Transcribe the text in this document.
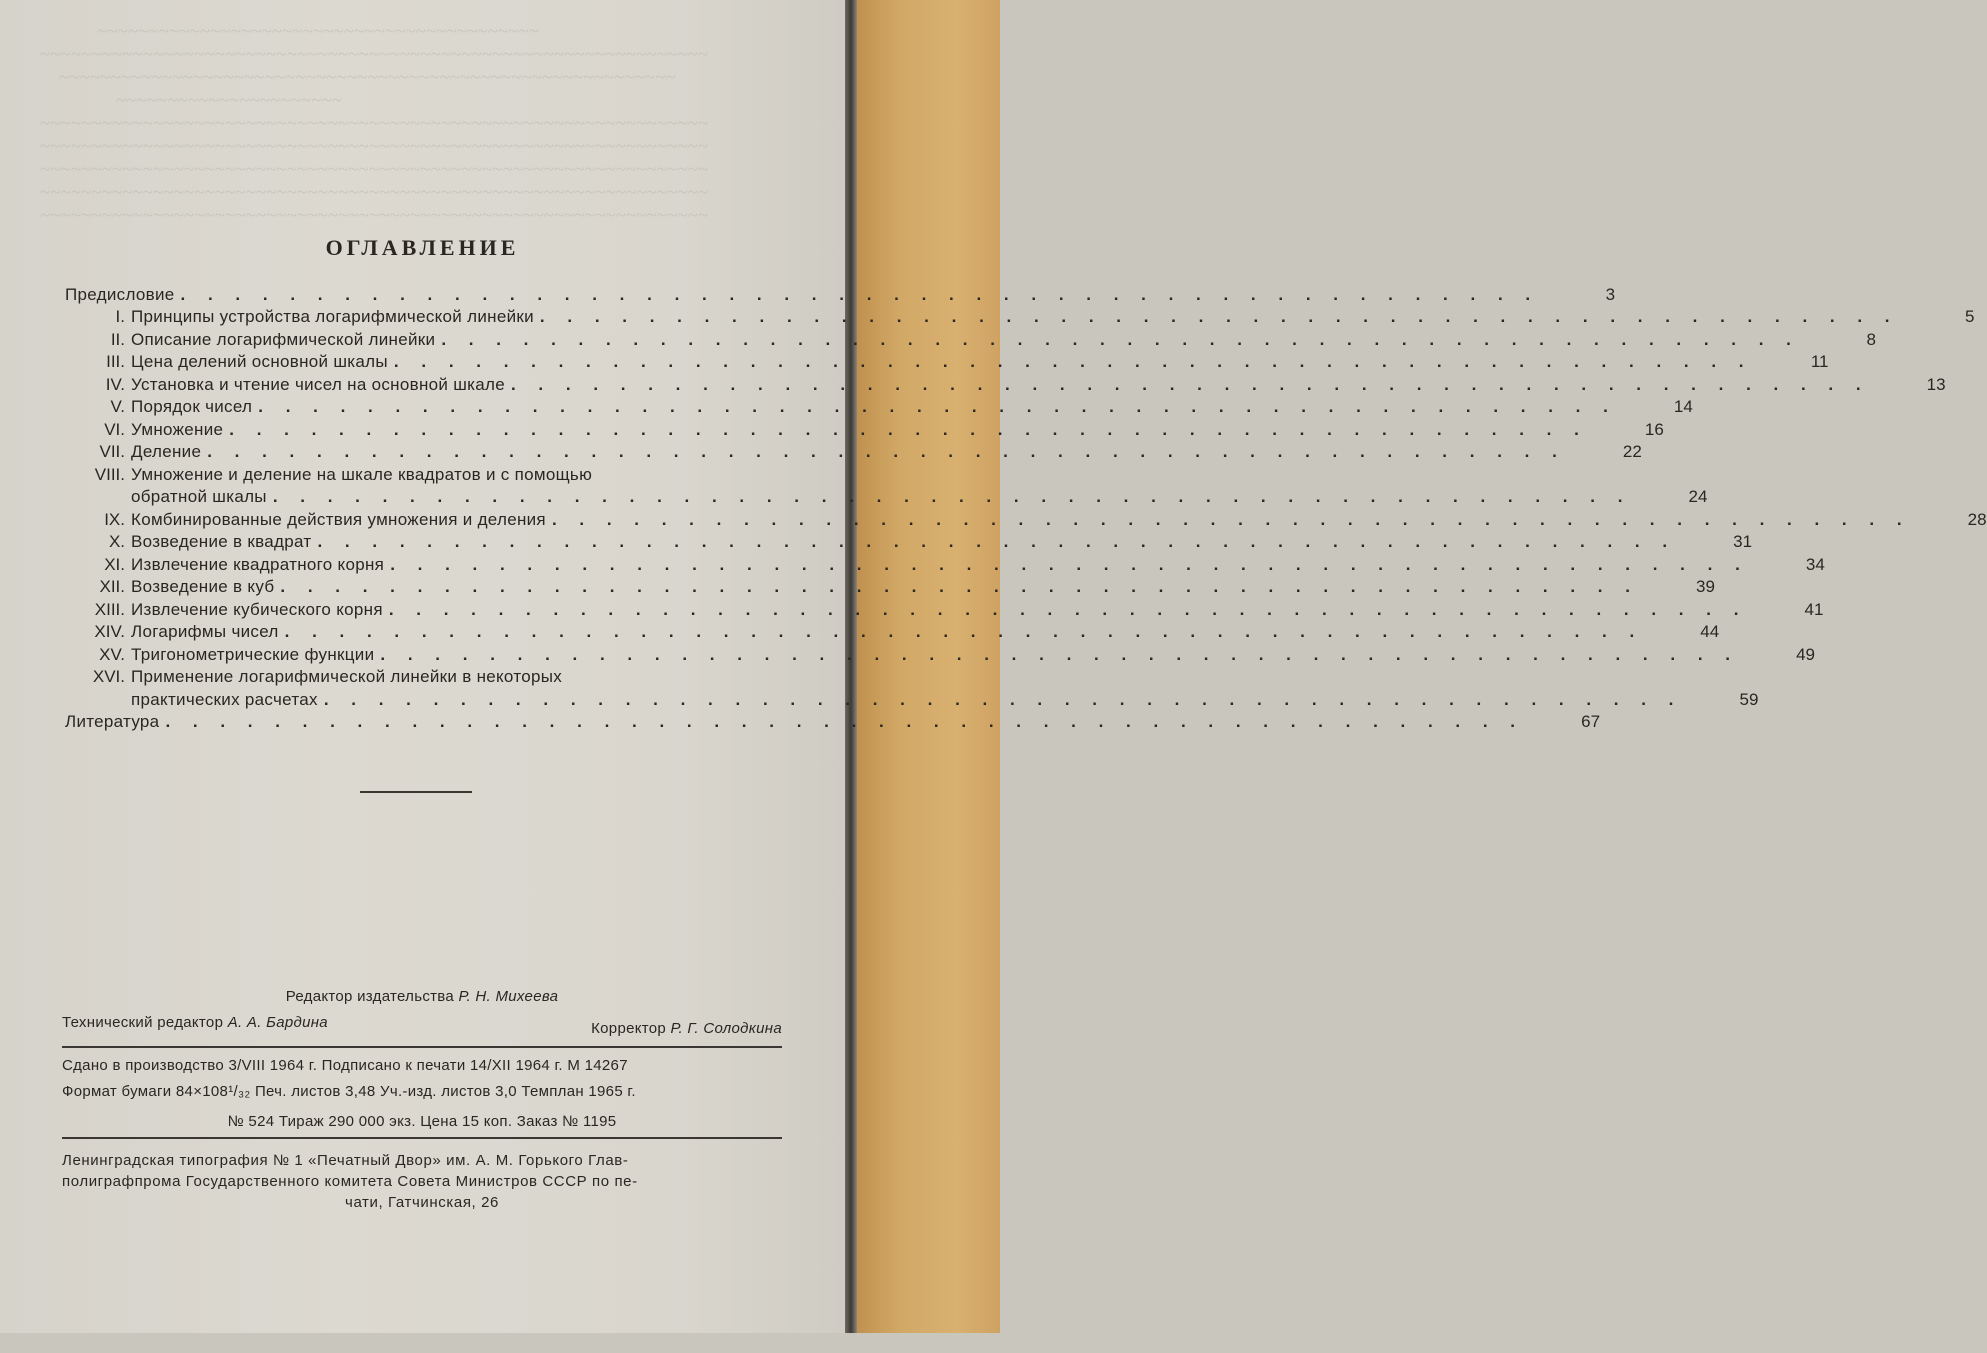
~~~~~~~~~~~~~~~~~~~~~~~~~~~~~~~~~~~~~~~~~~~
~~~~~~~~~~~~~~~~~~~~~~~~~~~~~~~~~~~~~~~~~~~~~~~~~~~~~~~~~~~~~~~~~
~~~~~~~~~~~~~~~~~~~~~~~~~~~~~~~~~~~~~~~~~~~~~~~~~~~~~~~~~~~~
~~~~~~~~~~~~~~~~~~~~~~
~~~~~~~~~~~~~~~~~~~~~~~~~~~~~~~~~~~~~~~~~~~~~~~~~~~~~~~~~~~~~~~~~
~~~~~~~~~~~~~~~~~~~~~~~~~~~~~~~~~~~~~~~~~~~~~~~~~~~~~~~~~~~~~~~~~
~~~~~~~~~~~~~~~~~~~~~~~~~~~~~~~~~~~~~~~~~~~~~~~~~~~~~~~~~~~~~~~~~
~~~~~~~~~~~~~~~~~~~~~~~~~~~~~~~~~~~~~~~~~~~~~~~~~~~~~~~~~~~~~~~~~
~~~~~~~~~~~~~~~~~~~~~~~~~~~~~~~~~~~~~~~~~~~~~~~~~~~~~~~~~~~~~~~~~
ОГЛАВЛЕНИЕ
Предисловие . . . . . . . . . . . . . . . . . . . . . . . . . . . . . . . . . . . . . . . . . . . . . . . . . .	3
I. Принципы устройства логарифмической линейки . . . . . . . . . . . . . . . . . . . . . . . . . . . . . . . . . . . . . . . . . . . . . . . . . .	5
II. Описание логарифмической линейки . . . . . . . . . . . . . . . . . . . . . . . . . . . . . . . . . . . . . . . . . . . . . . . . . .	8
III. Цена делений основной шкалы . . . . . . . . . . . . . . . . . . . . . . . . . . . . . . . . . . . . . . . . . . . . . . . . . .	11
IV. Установка и чтение чисел на основной шкале . . . . . . . . . . . . . . . . . . . . . . . . . . . . . . . . . . . . . . . . . . . . . . . . . .	13
V. Порядок чисел . . . . . . . . . . . . . . . . . . . . . . . . . . . . . . . . . . . . . . . . . . . . . . . . . .	14
VI. Умножение . . . . . . . . . . . . . . . . . . . . . . . . . . . . . . . . . . . . . . . . . . . . . . . . . .	16
VII. Деление . . . . . . . . . . . . . . . . . . . . . . . . . . . . . . . . . . . . . . . . . . . . . . . . . .	22
VIII. Умножение и деление на шкале квадратов и с помощью
обратной шкалы . . . . . . . . . . . . . . . . . . . . . . . . . . . . . . . . . . . . . . . . . . . . . . . . . .	24
IX. Комбинированные действия умножения и деления . . . . . . . . . . . . . . . . . . . . . . . . . . . . . . . . . . . . . . . . . . . . . . . . . .	28
X. Возведение в квадрат . . . . . . . . . . . . . . . . . . . . . . . . . . . . . . . . . . . . . . . . . . . . . . . . . .	31
XI. Извлечение квадратного корня . . . . . . . . . . . . . . . . . . . . . . . . . . . . . . . . . . . . . . . . . . . . . . . . . .	34
XII. Возведение в куб . . . . . . . . . . . . . . . . . . . . . . . . . . . . . . . . . . . . . . . . . . . . . . . . . .	39
XIII. Извлечение кубического корня . . . . . . . . . . . . . . . . . . . . . . . . . . . . . . . . . . . . . . . . . . . . . . . . . .	41
XIV. Логарифмы чисел . . . . . . . . . . . . . . . . . . . . . . . . . . . . . . . . . . . . . . . . . . . . . . . . . .	44
XV. Тригонометрические функции . . . . . . . . . . . . . . . . . . . . . . . . . . . . . . . . . . . . . . . . . . . . . . . . . .	49
XVI. Применение логарифмической линейки в некоторых
практических расчетах . . . . . . . . . . . . . . . . . . . . . . . . . . . . . . . . . . . . . . . . . . . . . . . . . .	59
Литература . . . . . . . . . . . . . . . . . . . . . . . . . . . . . . . . . . . . . . . . . . . . . . . . . .	67
Редактор издательства Р. Н. Михеева
Технический редактор А. А. Бардина	Корректор Р. Г. Солодкина
Сдано в производство 3/VIII 1964 г. Подписано к печати 14/XII 1964 г. М 14267
Формат бумаги 84×108¹/₃₂ Печ. листов 3,48 Уч.-изд. листов 3,0 Темплан 1965 г.
№ 524 Тираж 290 000 экз. Цена 15 коп. Заказ № 1195
Ленинградская типография № 1 «Печатный Двор» им. А. М. Горького Глав-
полиграфпрома Государственного комитета Совета Министров СССР по пе-
чати, Гатчинская, 26
